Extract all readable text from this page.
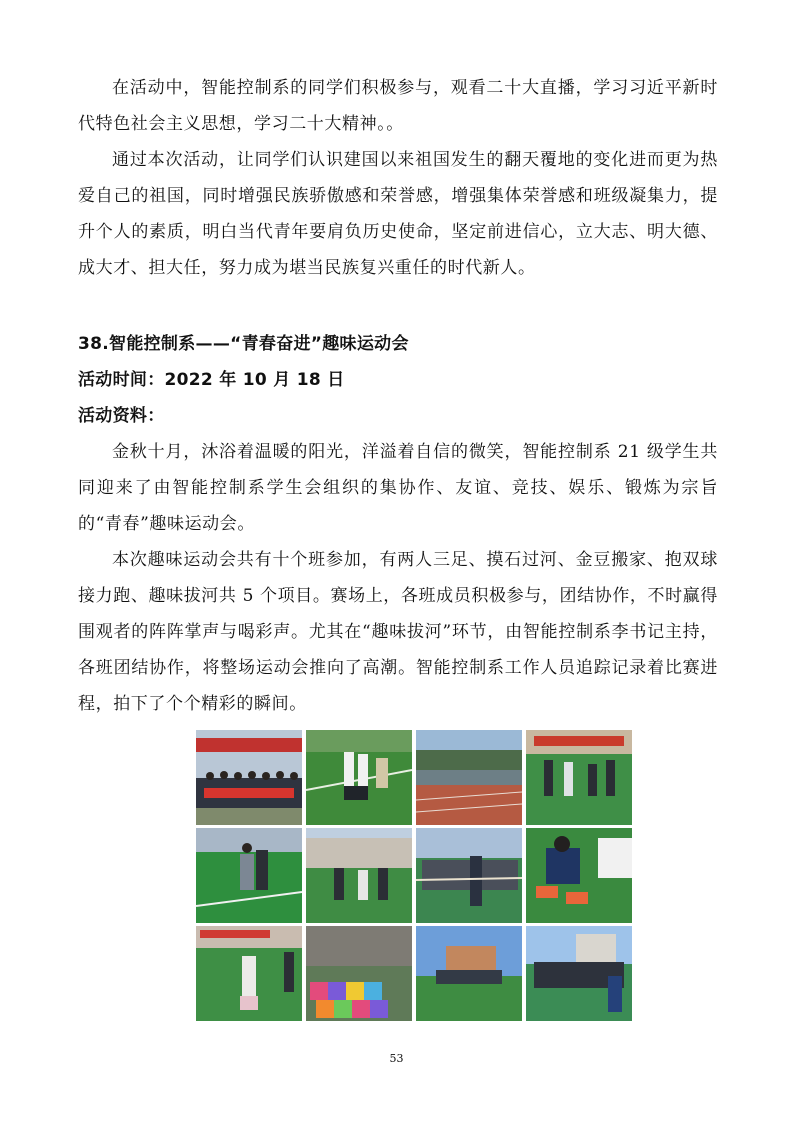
在活动中，智能控制系的同学们积极参与，观看二十大直播，学习习近平新时代特色社会主义思想，学习二十大精神。。

通过本次活动，让同学们认识建国以来祖国发生的翻天覆地的变化进而更为热爱自己的祖国，同时增强民族骄傲感和荣誉感，增强集体荣誉感和班级凝集力，提升个人的素质，明白当代青年要肩负历史使命，坚定前进信心，立大志、明大德、成大才、担大任，努力成为堪当民族复兴重任的时代新人。

38.智能控制系——“青春奋进”趣味运动会

活动时间：2022 年 10 月 18 日

活动资料：

金秋十月，沐浴着温暖的阳光，洋溢着自信的微笑，智能控制系 21 级学生共同迎来了由智能控制系学生会组织的集协作、友谊、竞技、娱乐、锻炼为宗旨的“青春”趣味运动会。

本次趣味运动会共有十个班参加，有两人三足、摸石过河、金豆搬家、抱双球接力跑、趣味拔河共 5 个项目。赛场上，各班成员积极参与，团结协作，不时赢得围观者的阵阵掌声与喝彩声。尤其在“趣味拔河”环节，由智能控制系李书记主持，各班团结协作，将整场运动会推向了高潮。智能控制系工作人员追踪记录着比赛进程，拍下了个个精彩的瞬间。

53
